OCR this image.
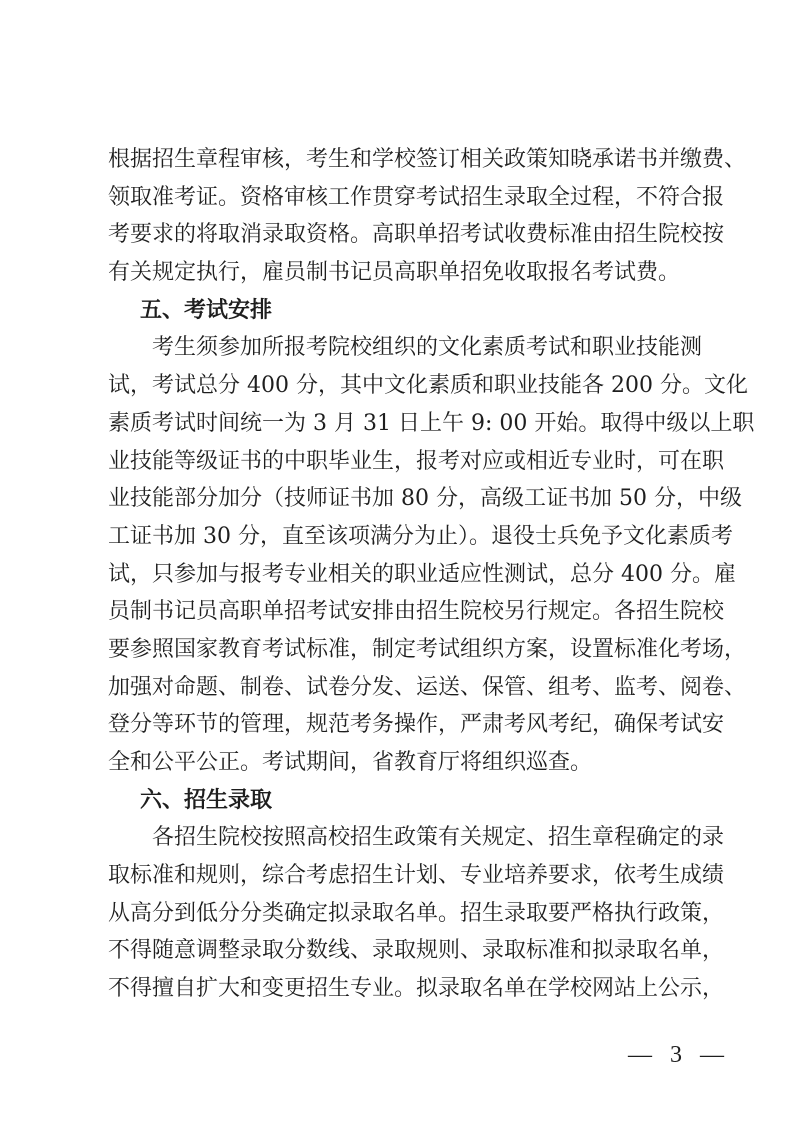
根据招生章程审核，考生和学校签订相关政策知晓承诺书并缴费、
领取准考证。资格审核工作贯穿考试招生录取全过程，不符合报
考要求的将取消录取资格。高职单招考试收费标准由招生院校按
有关规定执行，雇员制书记员高职单招免收取报名考试费。
五、考试安排
考生须参加所报考院校组织的文化素质考试和职业技能测
试，考试总分 400 分，其中文化素质和职业技能各 200 分。文化
素质考试时间统一为 3 月 31 日上午 9: 00 开始。取得中级以上职
业技能等级证书的中职毕业生，报考对应或相近专业时，可在职
业技能部分加分（技师证书加 80 分，高级工证书加 50 分，中级
工证书加 30 分，直至该项满分为止）。退役士兵免予文化素质考
试，只参加与报考专业相关的职业适应性测试，总分 400 分。雇
员制书记员高职单招考试安排由招生院校另行规定。各招生院校
要参照国家教育考试标准，制定考试组织方案，设置标准化考场，
加强对命题、制卷、试卷分发、运送、保管、组考、监考、阅卷、
登分等环节的管理，规范考务操作，严肃考风考纪，确保考试安
全和公平公正。考试期间，省教育厅将组织巡查。
六、招生录取
各招生院校按照高校招生政策有关规定、招生章程确定的录
取标准和规则，综合考虑招生计划、专业培养要求，依考生成绩
从高分到低分分类确定拟录取名单。招生录取要严格执行政策，
不得随意调整录取分数线、录取规则、录取标准和拟录取名单，
不得擅自扩大和变更招生专业。拟录取名单在学校网站上公示，
— 3 —
